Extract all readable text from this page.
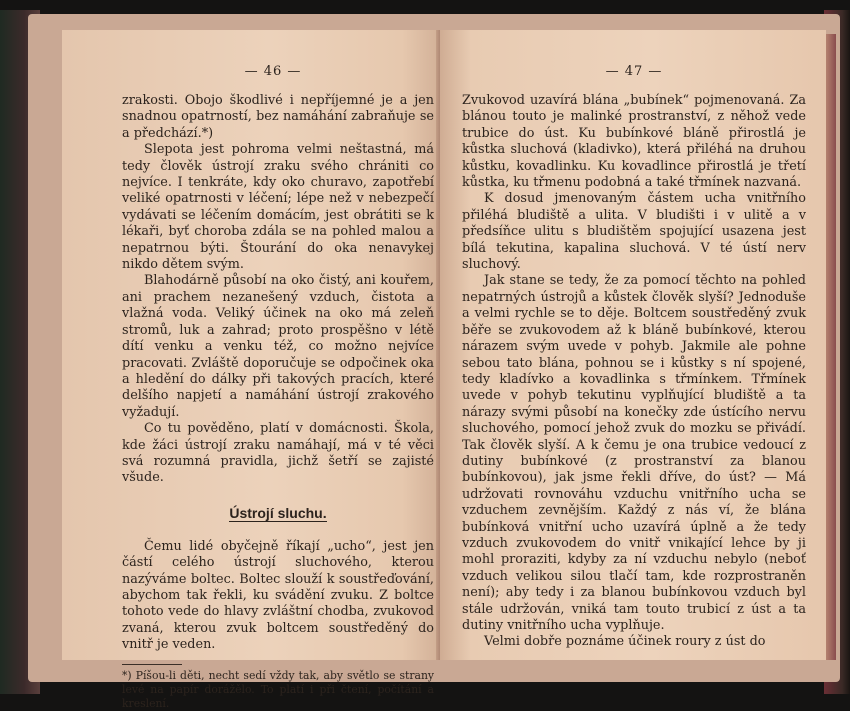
— 46 —

zrakosti. Obojo škodlivé i nepříjemné je a jen snadnou opatrností, bez namáhání zabraňuje se a předchází.*)

Slepota jest pohroma velmi neštastná, má tedy člověk ústrojí zraku svého chrániti co nejvíce. I tenkráte, kdy oko churavo, zapotřebí veliké opatrnosti v léčení; lépe než v nebezpečí vydávati se léčením domácím, jest obrátiti se k lékaři, byť choroba zdála se na pohled malou a nepatrnou býti. Štourání do oka nenavykej nikdo dětem svým.

Blahodárně působí na oko čistý, ani kouřem, ani prachem nezanešený vzduch, čistota a vlažná voda. Veliký účinek na oko má zeleň stromů, luk a zahrad; proto prospěšno v létě dítí venku a venku též, co možno nejvíce pracovati. Zvláště doporučuje se odpočinek oka a hledění do dálky při takových pracích, které delšího napjetí a namáhání ústrojí zrakového vyžadují.

Co tu pověděno, platí v domácnosti. Škola, kde žáci ústrojí zraku namáhají, má v té věci svá rozumná pravidla, jichž šetří se zajisté všude.

Ústrojí sluchu.

Čemu lidé obyčejně říkají „ucho“, jest jen částí celého ústrojí sluchového, kterou nazýváme boltec. Boltec slouží k soustřeďování, abychom tak řekli, ku svádění zvuku. Z boltce tohoto vede do hlavy zvláštní chodba, zvukovod zvaná, kterou zvuk boltcem soustředěný do vnitř je veden.

*) Píšou-li děti, necht sedí vždy tak, aby světlo se strany levé na papír dorážělo. To platí i při čtení, počítání a kreslení.

— 47 —

Zvukovod uzavírá blána „bubínek“ pojmenovaná. Za blánou touto je malinké prostranství, z něhož vede trubice do úst. Ku bubínkové bláně přirostlá je kůstka sluchová (kladivko), která přiléhá na druhou kůstku, kovadlinku. Ku kovadlince přirostlá je třetí kůstka, ku třmenu podobná a také třmínek nazvaná.

K dosud jmenovaným částem ucha vnitřního přiléhá bludiště a ulita. V bludišti i v ulitě a v předsíňce ulitu s bludištěm spojující usazena jest bílá tekutina, kapalina sluchová. V té ústí nerv sluchový.

Jak stane se tedy, že za pomocí těchto na pohled nepatrných ústrojů a kůstek člověk slyší? Jednoduše a velmi rychle se to děje. Boltcem soustředěný zvuk běře se zvukovodem až k bláně bubínkové, kterou nárazem svým uvede v pohyb. Jakmile ale pohne sebou tato blána, pohnou se i kůstky s ní spojené, tedy kladívko a kovadlinka s třmínkem. Třmínek uvede v pohyb tekutinu vyplňující bludiště a ta nárazy svými působí na konečky zde ústícího nervu sluchového, pomocí jehož zvuk do mozku se přivádí. Tak člověk slyší. A k čemu je ona trubice vedoucí z dutiny bubínkové (z prostranství za blanou bubínkovou), jak jsme řekli dříve, do úst? — Má udržovati rovnováhu vzduchu vnitřního ucha se vzduchem zevnějším. Každý z nás ví, že blána bubínková vnitřní ucho uzavírá úplně a že tedy vzduch zvukovodem do vnitř vnikající lehce by ji mohl proraziti, kdyby za ní vzduchu nebylo (neboť vzduch velikou silou tlačí tam, kde rozprostraněn není); aby tedy i za blanou bubínkovou vzduch byl stále udržován, vniká tam touto trubicí z úst a ta dutiny vnitřního ucha vyplňuje.

Velmi dobře poznáme účinek roury z úst do
